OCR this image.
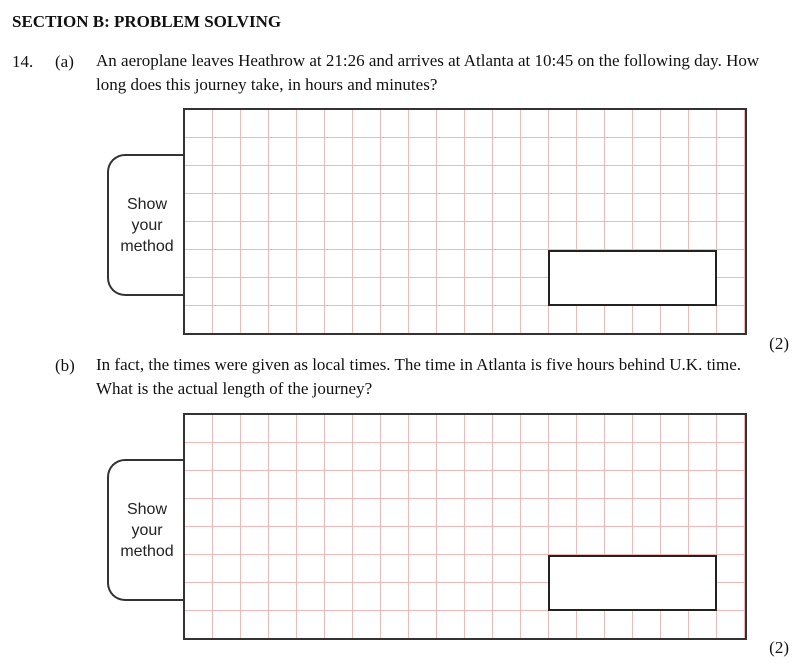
SECTION B: PROBLEM SOLVING
14. (a) An aeroplane leaves Heathrow at 21:26 and arrives at Atlanta at 10:45 on the following day. How long does this journey take, in hours and minutes?
Show
your
method
(2)
(b) In fact, the times were given as local times. The time in Atlanta is five hours behind U.K. time. What is the actual length of the journey?
Show
your
method
(2)
